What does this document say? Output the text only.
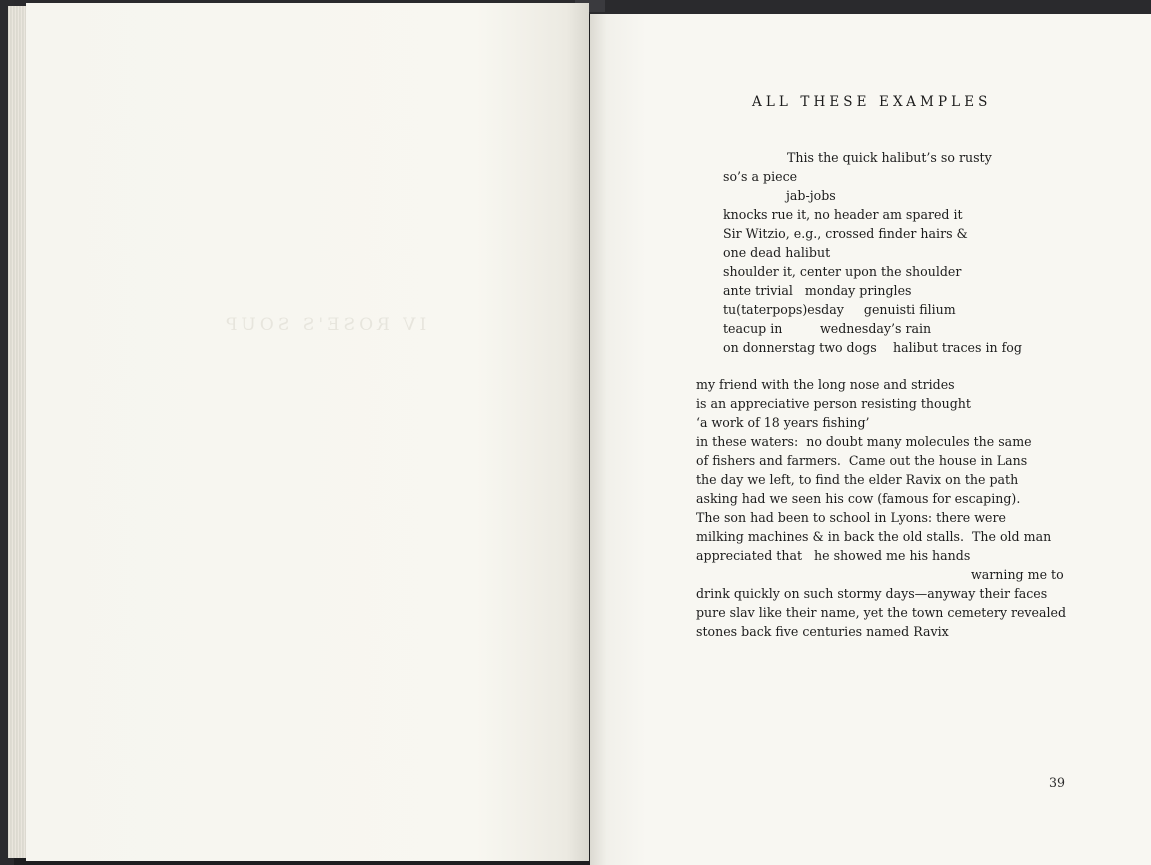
IV ROSE'S SOUP
ALL THESE EXAMPLES
This the quick halibut’s so rusty
so’s a piece
jab-jobs
knocks rue it, no header am spared it
Sir Witzio, e.g., crossed finder hairs &
one dead halibut
shoulder it, center upon the shoulder
ante trivial   monday pringles
tu(taterpops)esday     genuisti filium
teacup in	wednesday’s rain
on donnerstag two dogs halibut traces in fog
my friend with the long nose and strides
is an appreciative person resisting thought
‘a work of 18 years fishing’
in these waters:  no doubt many molecules the same
of fishers and farmers.  Came out the house in Lans
the day we left, to find the elder Ravix on the path
asking had we seen his cow (famous for escaping).
The son had been to school in Lyons: there were
milking machines & in back the old stalls.  The old man
appreciated that   he showed me his hands
warning me to
drink quickly on such stormy days—anyway their faces
pure slav like their name, yet the town cemetery revealed
stones back five centuries named Ravix
39
